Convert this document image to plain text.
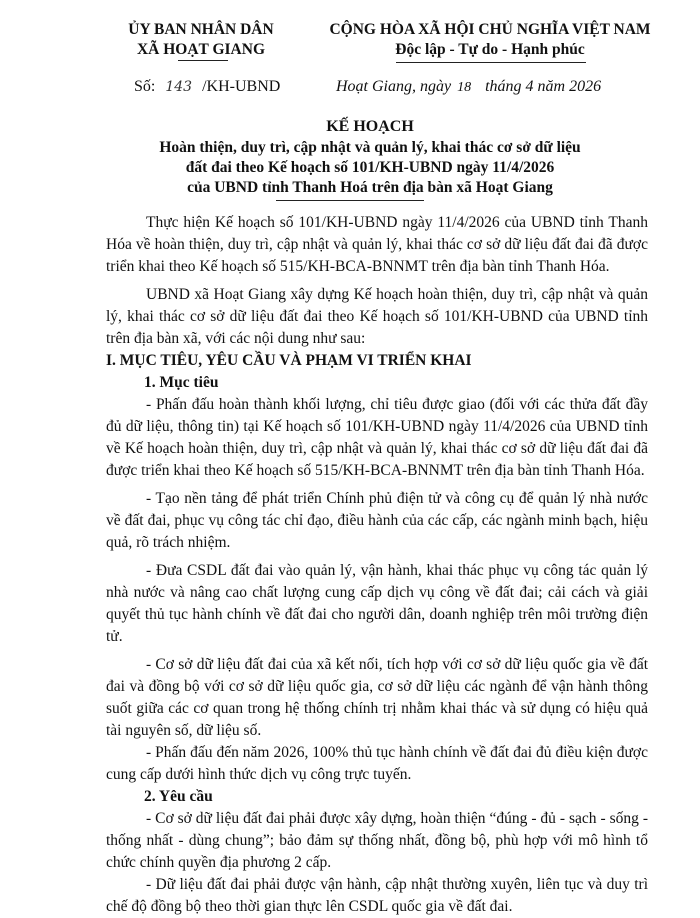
ỦY BAN NHÂN DÂN
XÃ HOẠT GIANG
CỘNG HÒA XÃ HỘI CHỦ NGHĨA VIỆT NAM
Độc lập - Tự do - Hạnh phúc
Số: 143 /KH-UBND	Hoạt Giang, ngày 18 tháng 4 năm 2026
KẾ HOẠCH
Hoàn thiện, duy trì, cập nhật và quản lý, khai thác cơ sở dữ liệu
đất đai theo Kế hoạch số 101/KH-UBND ngày 11/4/2026
của UBND tỉnh Thanh Hoá trên địa bàn xã Hoạt Giang

Thực hiện Kế hoạch số 101/KH-UBND ngày 11/4/2026 của UBND tỉnh Thanh Hóa về hoàn thiện, duy trì, cập nhật và quản lý, khai thác cơ sở dữ liệu đất đai đã được triển khai theo Kế hoạch số 515/KH-BCA-BNNMT trên địa bàn tỉnh Thanh Hóa.

UBND xã Hoạt Giang xây dựng Kế hoạch hoàn thiện, duy trì, cập nhật và quản lý, khai thác cơ sở dữ liệu đất đai theo Kế hoạch số 101/KH-UBND của UBND tỉnh trên địa bàn xã, với các nội dung như sau:

I. MỤC TIÊU, YÊU CẦU VÀ PHẠM VI TRIỂN KHAI

1. Mục tiêu

- Phấn đấu hoàn thành khối lượng, chỉ tiêu được giao (đối với các thửa đất đầy đủ dữ liệu, thông tin) tại Kế hoạch số 101/KH-UBND ngày 11/4/2026 của UBND tỉnh về Kế hoạch hoàn thiện, duy trì, cập nhật và quản lý, khai thác cơ sở dữ liệu đất đai đã được triển khai theo Kế hoạch số 515/KH-BCA-BNNMT trên địa bàn tỉnh Thanh Hóa.

- Tạo nền tảng để phát triển Chính phủ điện tử và công cụ để quản lý nhà nước về đất đai, phục vụ công tác chỉ đạo, điều hành của các cấp, các ngành minh bạch, hiệu quả, rõ trách nhiệm.

- Đưa CSDL đất đai vào quản lý, vận hành, khai thác phục vụ công tác quản lý nhà nước và nâng cao chất lượng cung cấp dịch vụ công về đất đai; cải cách và giải quyết thủ tục hành chính về đất đai cho người dân, doanh nghiệp trên môi trường điện tử.

- Cơ sở dữ liệu đất đai của xã kết nối, tích hợp với cơ sở dữ liệu quốc gia về đất đai và đồng bộ với cơ sở dữ liệu quốc gia, cơ sở dữ liệu các ngành để vận hành thông suốt giữa các cơ quan trong hệ thống chính trị nhằm khai thác và sử dụng có hiệu quả tài nguyên số, dữ liệu số.

- Phấn đấu đến năm 2026, 100% thủ tục hành chính về đất đai đủ điều kiện được cung cấp dưới hình thức dịch vụ công trực tuyến.

2. Yêu cầu

- Cơ sở dữ liệu đất đai phải được xây dựng, hoàn thiện “đúng - đủ - sạch - sống - thống nhất - dùng chung”; bảo đảm sự thống nhất, đồng bộ, phù hợp với mô hình tổ chức chính quyền địa phương 2 cấp.

- Dữ liệu đất đai phải được vận hành, cập nhật thường xuyên, liên tục và duy trì chế độ đồng bộ theo thời gian thực lên CSDL quốc gia về đất đai.
